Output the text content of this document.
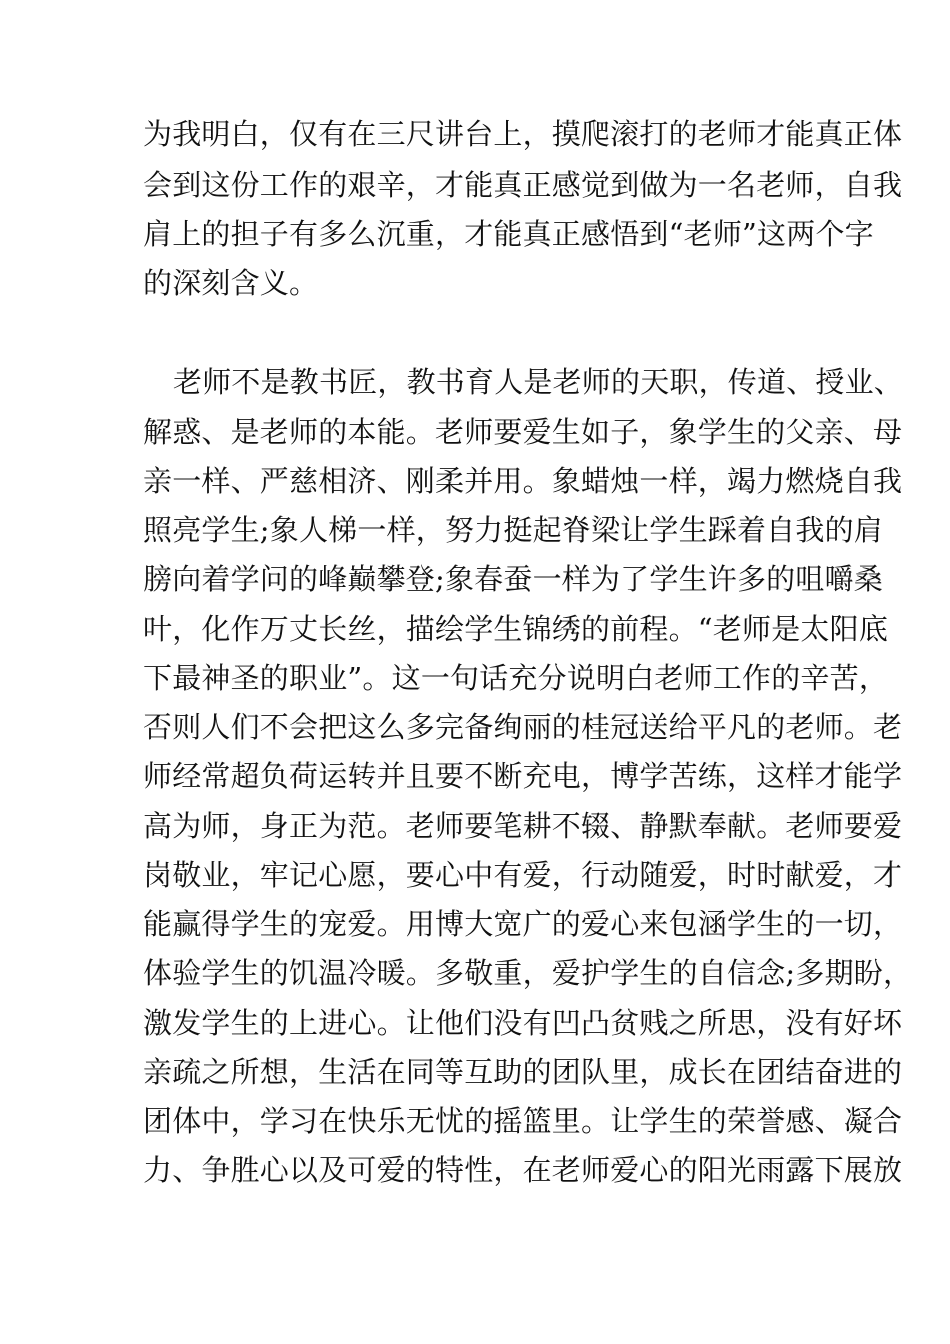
为我明白，仅有在三尺讲台上，摸爬滚打的老师才能真正体
会到这份工作的艰辛，才能真正感觉到做为一名老师，自我
肩上的担子有多么沉重，才能真正感悟到“老师”这两个字
的深刻含义。
老师不是教书匠，教书育人是老师的天职，传道、授业、
解惑、是老师的本能。老师要爱生如子，象学生的父亲、母
亲一样、严慈相济、刚柔并用。象蜡烛一样，竭力燃烧自我
照亮学生;象人梯一样，努力挺起脊梁让学生踩着自我的肩
膀向着学问的峰巅攀登;象春蚕一样为了学生许多的咀嚼桑
叶，化作万丈长丝，描绘学生锦绣的前程。“老师是太阳底
下最神圣的职业”。这一句话充分说明白老师工作的辛苦，
否则人们不会把这么多完备绚丽的桂冠送给平凡的老师。老
师经常超负荷运转并且要不断充电，博学苦练，这样才能学
高为师，身正为范。老师要笔耕不辍、静默奉献。老师要爱
岗敬业，牢记心愿，要心中有爱，行动随爱，时时献爱，才
能赢得学生的宠爱。用博大宽广的爱心来包涵学生的一切，
体验学生的饥温冷暖。多敬重，爱护学生的自信念;多期盼，
激发学生的上进心。让他们没有凹凸贫贱之所思，没有好坏
亲疏之所想，生活在同等互助的团队里，成长在团结奋进的
团体中，学习在快乐无忧的摇篮里。让学生的荣誉感、凝合
力、争胜心以及可爱的特性，在老师爱心的阳光雨露下展放
